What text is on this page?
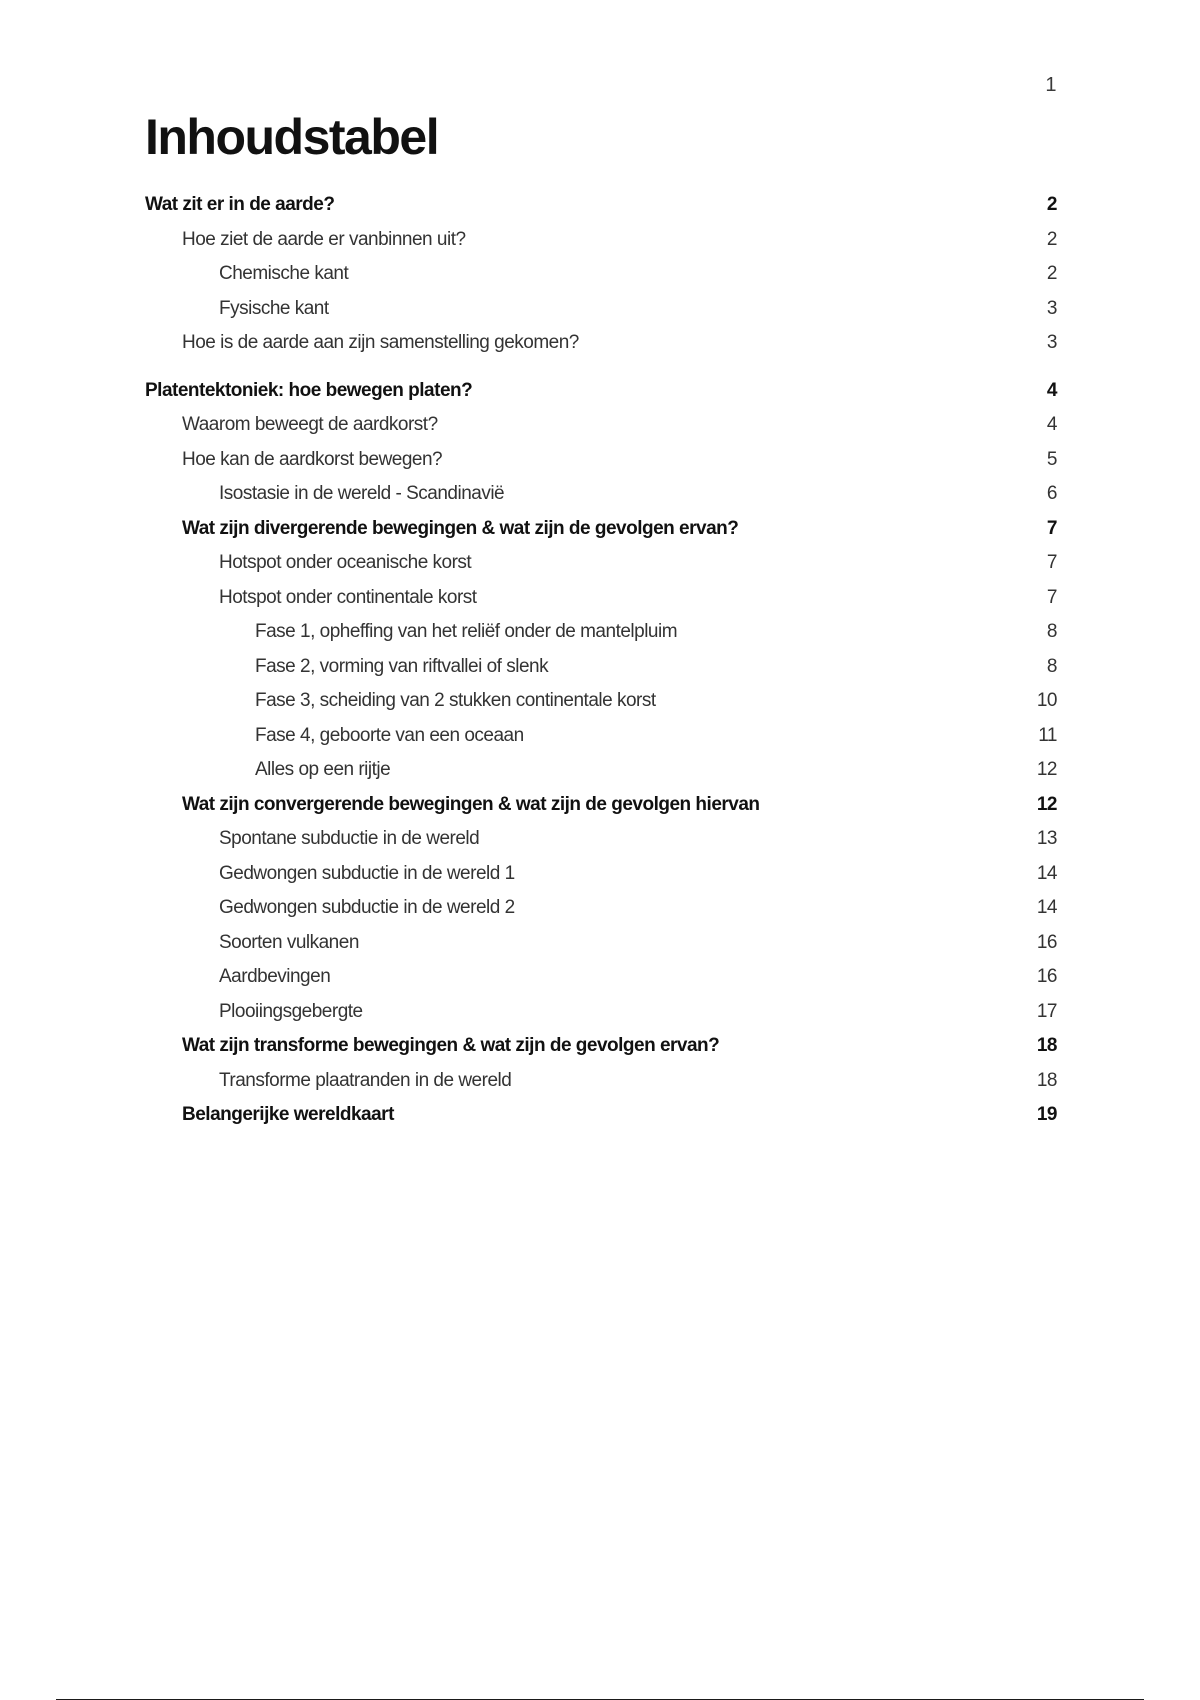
1
Inhoudstabel
Wat zit er in de aarde?	2
Hoe ziet de aarde er vanbinnen uit?	2
Chemische kant	2
Fysische kant	3
Hoe is de aarde aan zijn samenstelling gekomen?	3
Platentektoniek: hoe bewegen platen?	4
Waarom beweegt de aardkorst?	4
Hoe kan de aardkorst bewegen?	5
Isostasie in de wereld - Scandinavië	6
Wat zijn divergerende bewegingen & wat zijn de gevolgen ervan?	7
Hotspot onder oceanische korst	7
Hotspot onder continentale korst	7
Fase 1, opheffing van het reliëf onder de mantelpluim	8
Fase 2, vorming van riftvallei of slenk	8
Fase 3, scheiding van 2 stukken continentale korst	10
Fase 4, geboorte van een oceaan	11
Alles op een rijtje	12
Wat zijn convergerende bewegingen & wat zijn de gevolgen hiervan	12
Spontane subductie in de wereld	13
Gedwongen subductie in de wereld 1	14
Gedwongen subductie in de wereld 2	14
Soorten vulkanen	16
Aardbevingen	16
Plooiingsgebergte	17
Wat zijn transforme bewegingen & wat zijn de gevolgen ervan?	18
Transforme plaatranden in de wereld	18
Belangerijke wereldkaart	19
